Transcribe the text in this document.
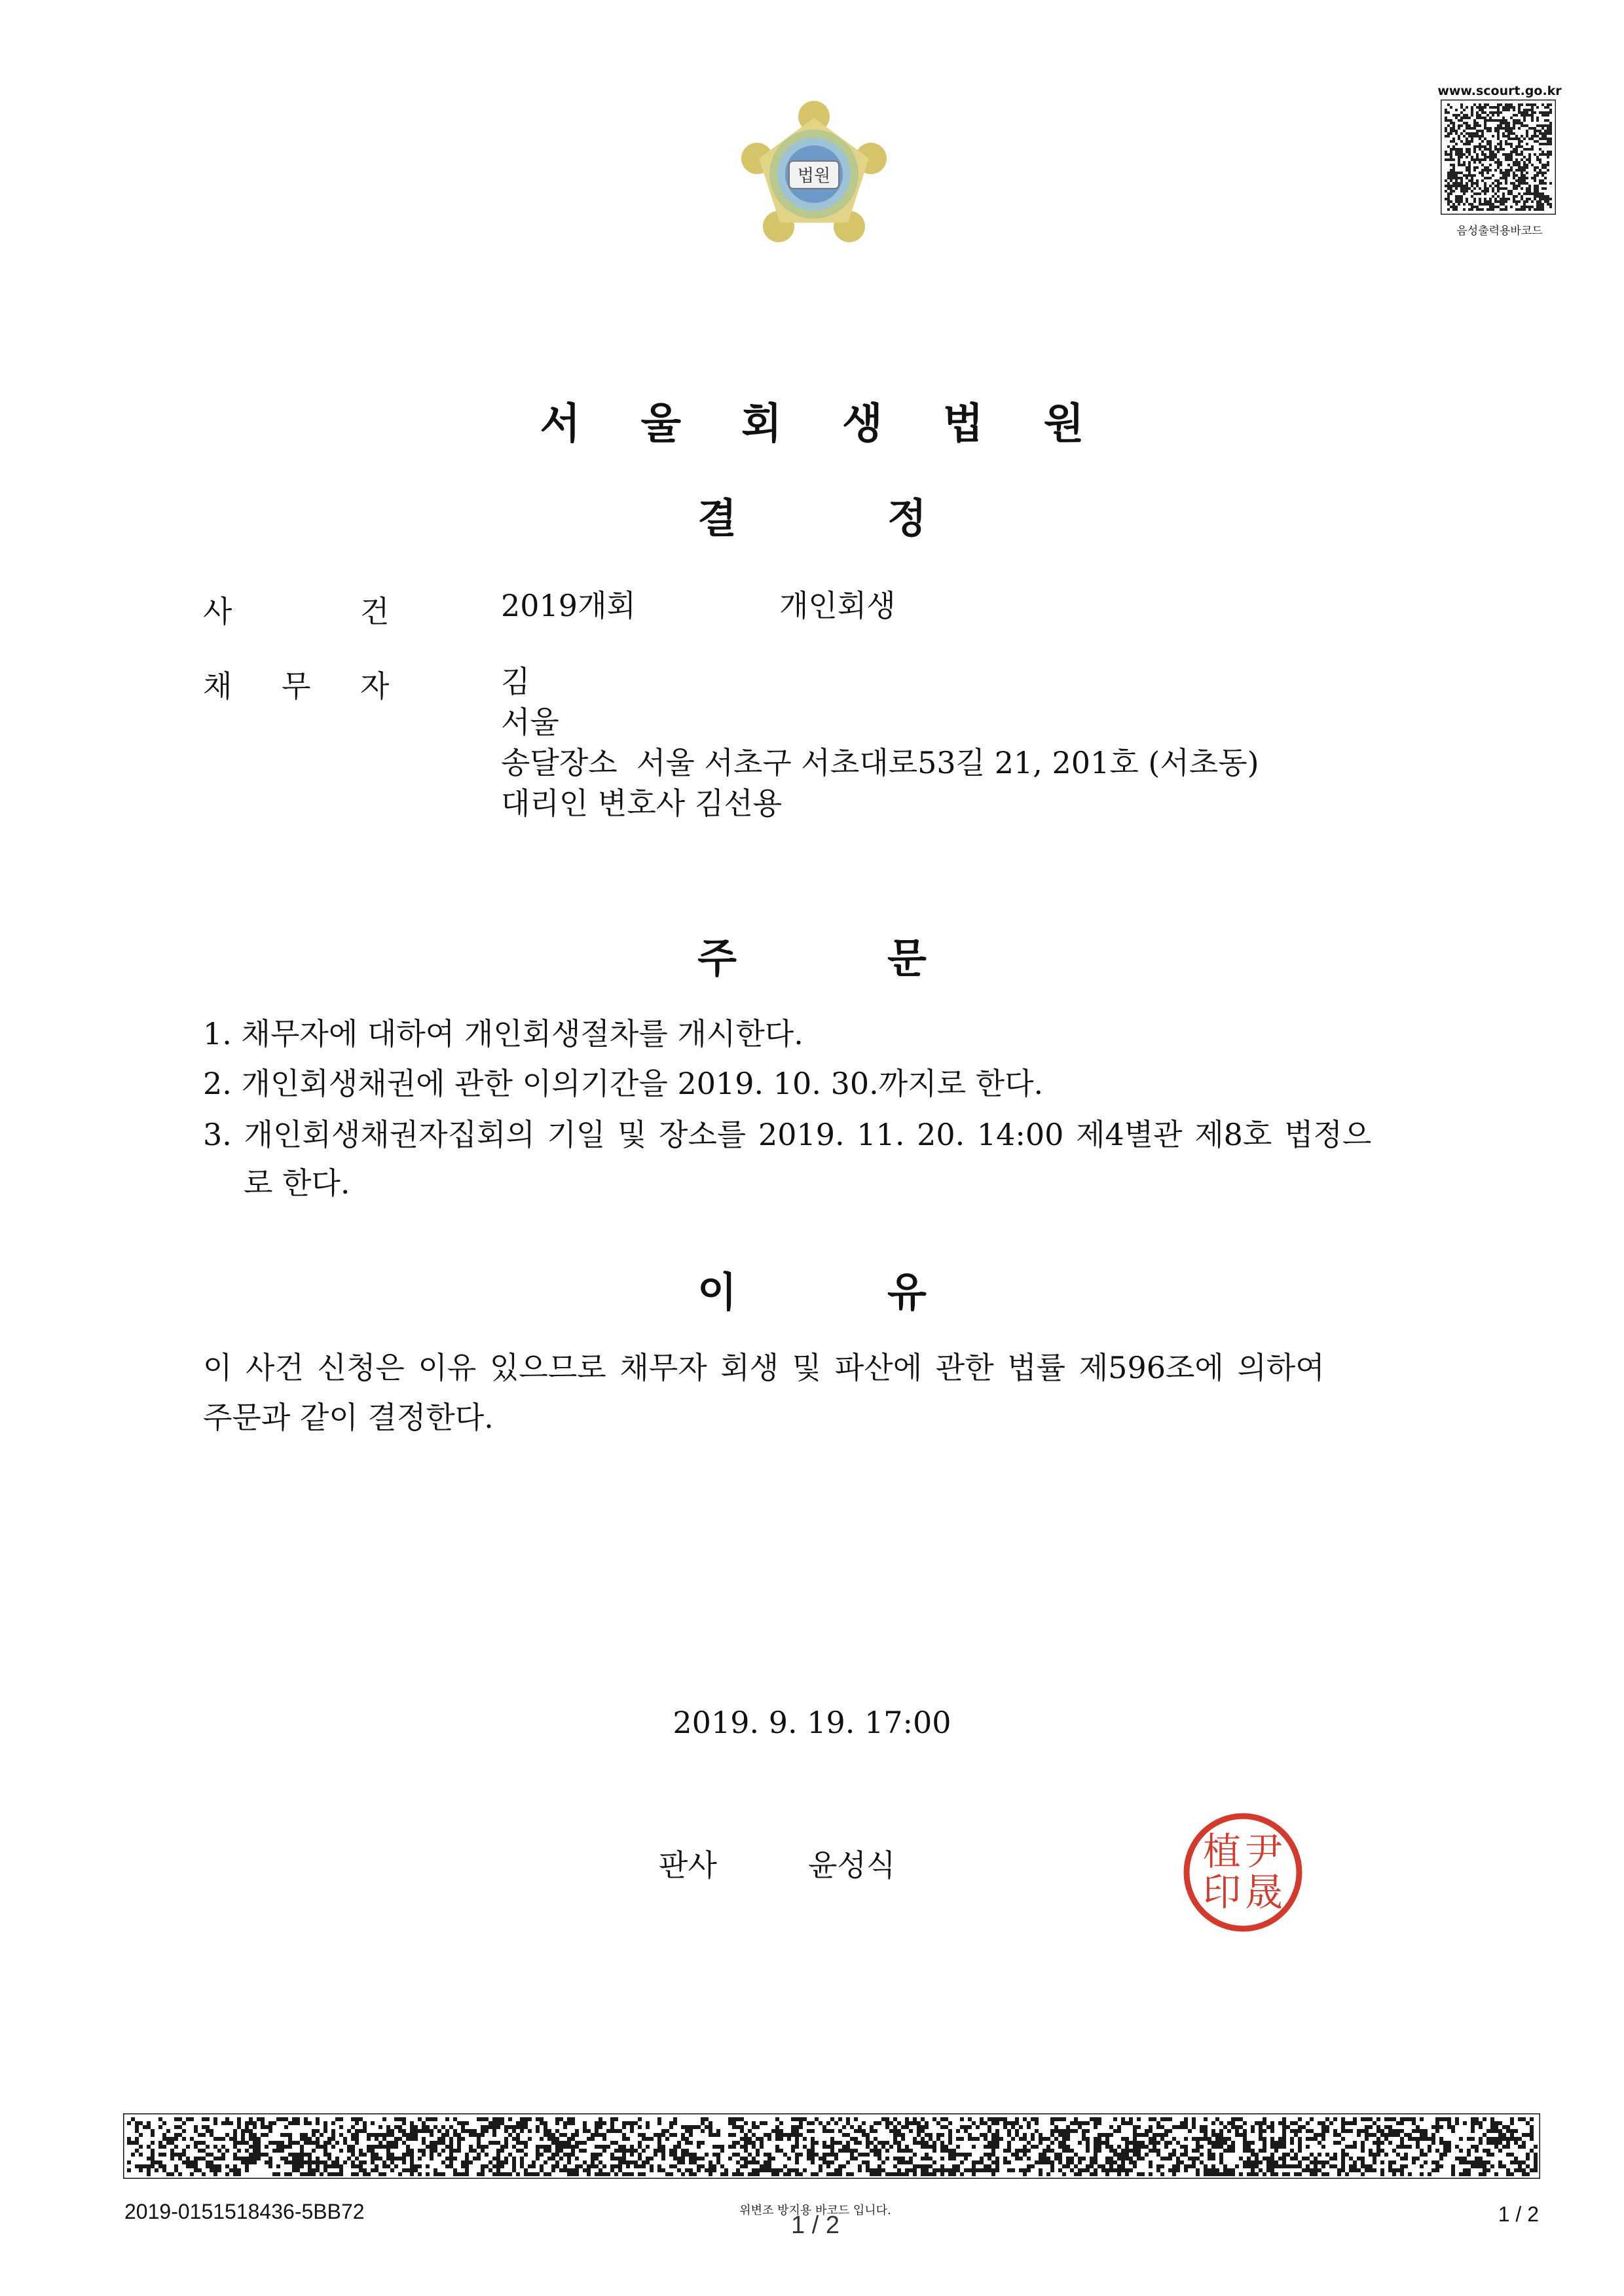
법원
www.scourt.go.kr
음성출력용바코드
서 울 회 생 법 원
결	정
사	건	2019개회	개인회생
채 무 자	김
서울
송달장소  서울 서초구 서초대로53길 21, 201호 (서초동)
대리인 변호사 김선용
주	문
1. 채무자에 대하여 개인회생절차를 개시한다.
2. 개인회생채권에 관한 이의기간을 2019. 10. 30.까지로 한다.
3. 개인회생채권자집회의 기일 및 장소를 2019. 11. 20. 14:00 제4별관 제8호 법정으
로 한다.
이	유
이 사건 신청은 이유 있으므로 채무자 회생 및 파산에 관한 법률 제596조에 의하여
주문과 같이 결정한다.
2019. 9. 19. 17:00
판사	윤성식	尹
植
晟
印
2019-0151518436-5BB72	위변조 방지용 바코드 입니다.
1 / 2	1 / 2
